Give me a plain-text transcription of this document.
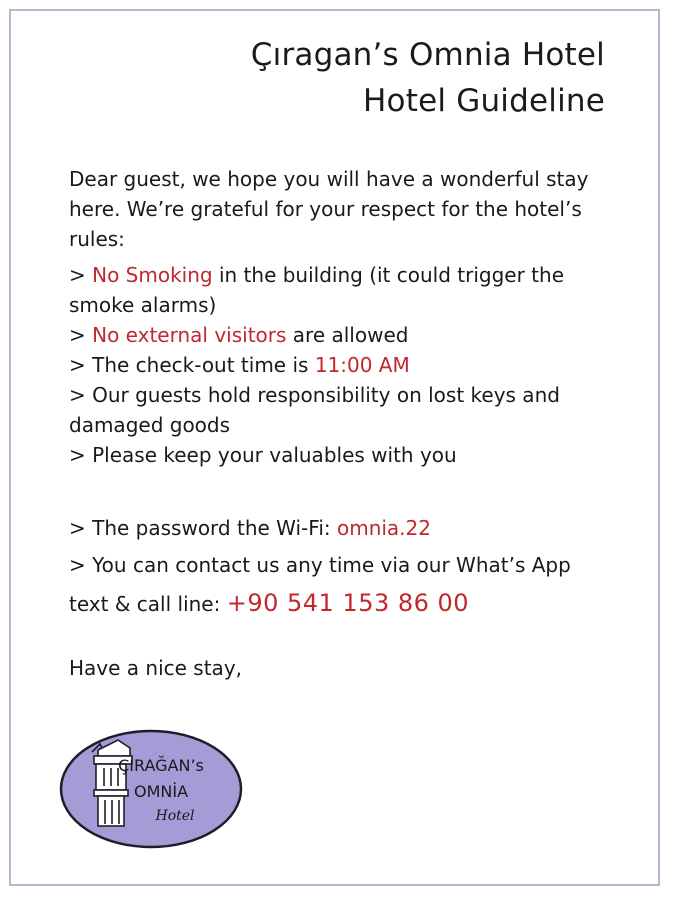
Çıragan’s Omnia Hotel
Hotel Guideline
Dear guest, we hope you will have a wonderful stay here. We’re grateful for your respect for the hotel’s rules:
> No Smoking in the building (it could trigger the smoke alarms)
> No external visitors are allowed
> The check-out time is 11:00 AM
> Our guests hold responsibility on lost keys and damaged goods
> Please keep your valuables with you
> The password the Wi-Fi: omnia.22
> You can contact us any time via our What’s App text & call line: +90 541 153 86 00
Have a nice stay,
ÇIRAĞAN’s
OMNİA
Hotel
